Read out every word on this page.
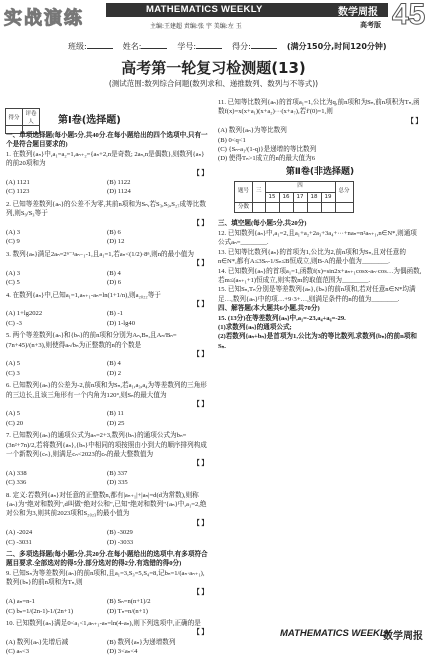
实战演练	MATHEMATICS WEEKLY	数学周报 45
主编:王建超 责编:张 宇 美编:左 玉	高考版
班级:	姓名:	学号:	得分:	(满分150分,时间120分钟)
高考第一轮复习检测题(13)
(测试范围:数列综合问题(数列求和、递推数列、数列与不等式))
得分	评卷人
	第Ⅰ卷(选择题)

一、单项选择题(每小题5分,共40分.在每小题给出的四个选项中,只有一个是符合题目要求的)

1. 在数列{aₙ}中,a₁=a₂=1,aₙ₊₂={aₙ+2,n是奇数; 2aₙ,n是偶数},则数列{aₙ}的前20项和为

【 】

(A) 1121	(B) 1122
(C) 1123	(D) 1124

2. 已知等差数列{aₙ}的公差不为零,其前n项和为Sₙ,若S₃,S₉,S₂₇成等比数列,则S₉/S₃等于

【 】

(A) 3	(B) 6
(C) 9	(D) 12

3. 数列{aₙ}满足2aₙ=2ⁿ⁻¹aₙ₋₁-1,且a₁=1,若aₙ<(1/2)·8ⁿ,则n的最小值为

【 】

(A) 3	(B) 4
(C) 5	(D) 6

4. 在数列{aₙ}中,已知a₁=1,aₙ₊₁-aₙ=ln(1+1/n),则a₂₀₂₂等于

【 】

(A) 1+lg2022	(B) -1
(C) -3	(D) 1-lg40

5. 两个等差数列{aₙ}和{bₙ}的前n项和分别为Aₙ,Bₙ,且Aₙ/Bₙ=(7n+45)/(n+3),则使得aₙ/bₙ为正整数的n的个数是

【 】

(A) 5	(B) 4
(C) 3	(D) 2

6. 已知数列{aₙ}的公差为-2,前n项和为Sₙ,若a₁,a₃,a₄为等差数列的三角形的三边长,且该三角形有一个内角为120°,则Sₙ的最大值为

【 】

(A) 5	(B) 11
(C) 20	(D) 25

7. 已知数列{aₙ}的通项公式为aₙ=2+3,数列{bₙ}的通项公式为bₙ=(3n²+7n)/2,若将数列{aₙ},{bₙ}中相同的项按照由小到大的顺序排列构成一个新数列{cₙ},则满足cₙ<2023的cₙ的最大整数值为

【 】

(A) 338	(B) 337
(C) 336	(D) 335

8. 定义:若数列{aₙ}对任意的正整数n,都有|aₙ₊₁|+|aₙ|=d(d为常数),则称{aₙ}为"绝对和数列",d叫做"绝对公和",已知"绝对和数列"{aₙ}中,a₁=2,绝对公和为3,则其前2023项和S₂₀₂₃的最小值为

【 】

(A) -2024	(B) -3029
(C) -3031	(D) -3033

二、多项选择题(每小题5分,共20分.在每小题给出的选项中,有多项符合题目要求.全部选对的得5分,部分选对的得2分,有选错的得0分)

9. 已知Sₙ为等差数列{aₙ}的前n项和,且a₁=3,S₃=5,S₄=8,记bₙ=1/(aₙ·aₙ₊₁),数列{bₙ}的前n项和为Tₙ,则

【 】

(A) aₙ=n-1	(B) Sₙ=n(n+1)/2
(C) bₙ=1/(2n-1)-1/(2n+1)	(D) Tₙ=n/(n+1)

10. 已知数列{aₙ}满足0<a₁<1,aₙ₊₁-aₙ=ln(4-aₙ),则下列选项中,正确的是

【 】

(A) 数列{aₙ}先增后减	(B) 数列{aₙ}为递增数列
(C) aₙ<3	(D) 3<aₙ<4

11. 已知等比数列{aₙ}的首项a₁=1,公比为q,前n项和为Sₙ,前n项积为Tₙ,函数f(x)=x(x+a₁)(x+a₂)···(x+a₇),若f′(0)=1,则

【 】

(A) 数列{aₙ}为等比数列

(B) 0<q<1

(C) {Sₙ-a₁/(1-q)}是递增的等比数列

(D) 使得Tₙ>1成立的n的最大值为6

第Ⅱ卷(非选择题)
题号	三	四					总分
		15	16	17	18	19	
分数							

三、填空题(每小题5分,共20分)

12. 已知数列{aₙ}中,a₁=2,且a₁+a₂+2a₃+3a₄+···+naₙ=n²aₙ₊₁,n∈N*,则通项公式aₙ=________.

13. 已知等比数列{aₙ}的首项为1,公比为2,前n项和为Sₙ,且对任意的n∈N*,都有A≤3Sₙ-1/Sₙ≤B恒成立,则B-A的最小值为________.

14. 已知数列{aₙ}的首项a₁=1,函数f(x)=sin2x+aₙ₊₁cosx-aₙ·cos…为偶函数,若m≤(aₙ₊₁+1)恒成立,则实数m的取值范围为________.

15. 已知Sₙ,Tₙ分别是等差数列{aₙ},{bₙ}的前n项和,若对任意n∈N*均满足…,数列{aₙ}中的项…+9·3+…,则满足条件的n的值为________.

四、解答题(本大题共6小题,共70分)

15. (13分)在等差数列{aₙ}中,a₁=-23,a₄+a₆=-29.

(1)求数列{aₙ}的通项公式;

(2)若数列{aₙ+bₙ}是首项为1,公比为3的等比数列,求数列{bₙ}的前n项和Sₙ.

MATHEMATICS WEEKLY
数学周报
